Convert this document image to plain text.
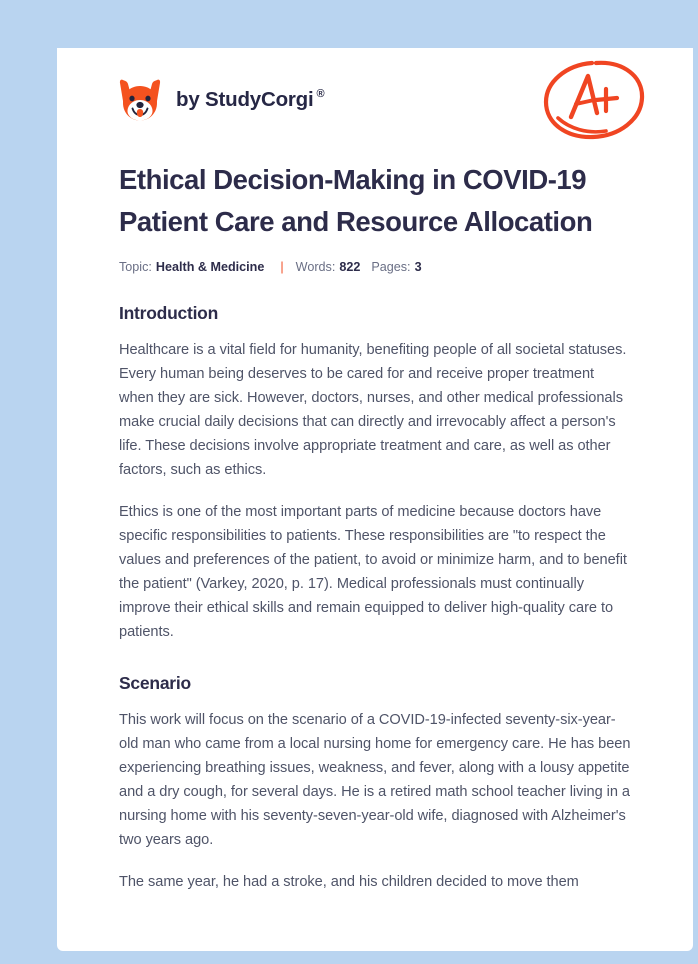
by StudyCorgi ®
Ethical Decision-Making in COVID-19 Patient Care and Resource Allocation
Topic: Health & Medicine | Words: 822 Pages: 3
Introduction

Healthcare is a vital field for humanity, benefiting people of all societal statuses. Every human being deserves to be cared for and receive proper treatment when they are sick. However, doctors, nurses, and other medical professionals make crucial daily decisions that can directly and irrevocably affect a person's life. These decisions involve appropriate treatment and care, as well as other factors, such as ethics.

Ethics is one of the most important parts of medicine because doctors have specific responsibilities to patients. These responsibilities are "to respect the values and preferences of the patient, to avoid or minimize harm, and to benefit the patient" (Varkey, 2020, p. 17). Medical professionals must continually improve their ethical skills and remain equipped to deliver high-quality care to patients.

Scenario

This work will focus on the scenario of a COVID-19-infected seventy-six-year-old man who came from a local nursing home for emergency care. He has been experiencing breathing issues, weakness, and fever, along with a lousy appetite and a dry cough, for several days. He is a retired math school teacher living in a nursing home with his seventy-seven-year-old wife, diagnosed with Alzheimer's two years ago.

The same year, he had a stroke, and his children decided to move them
